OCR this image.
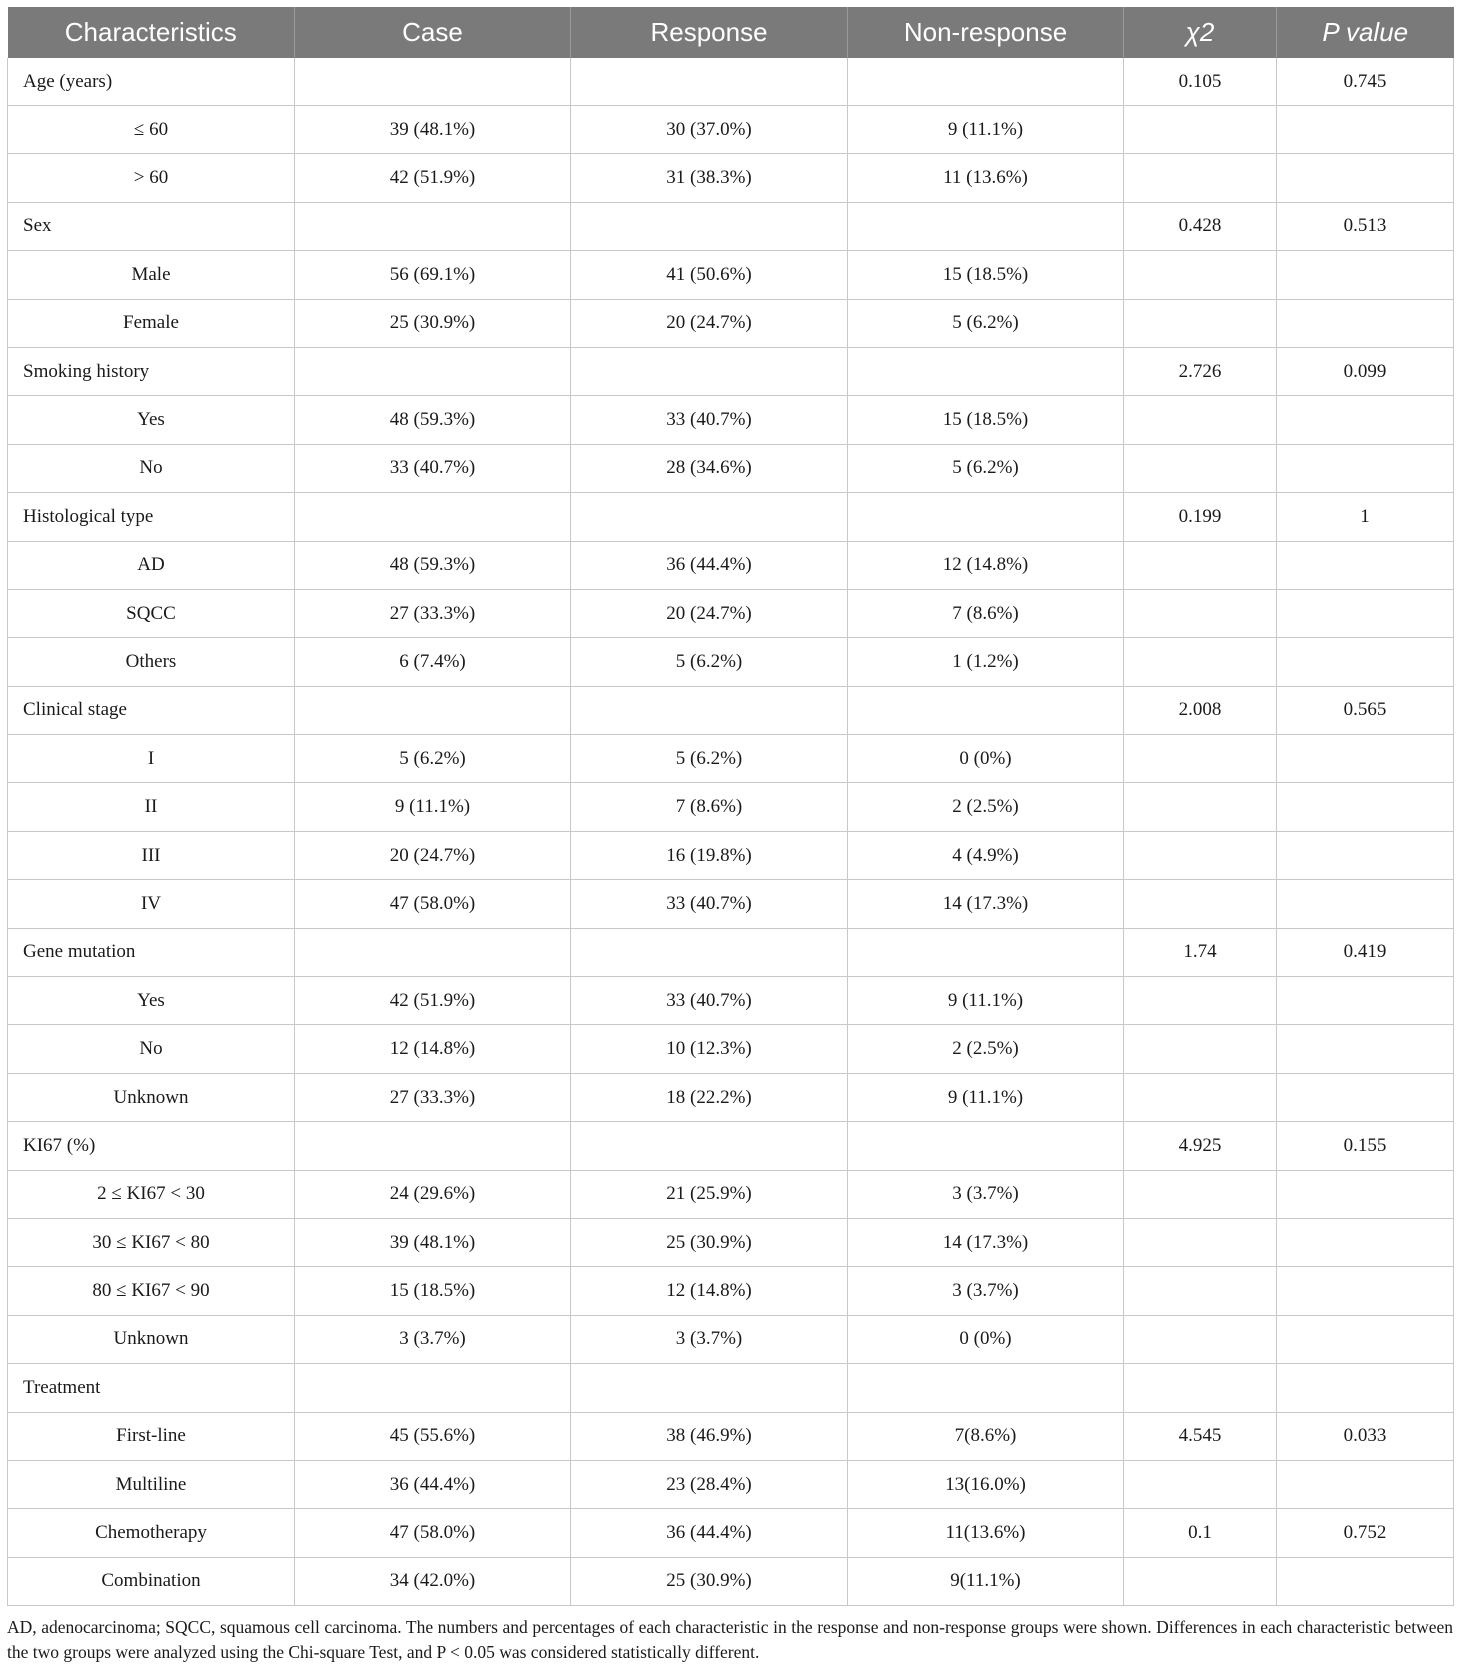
Characteristics	Case	Response	Non-response	χ2	P value
Age (years)				0.105	0.745
≤ 60	39 (48.1%)	30 (37.0%)	9 (11.1%)		
> 60	42 (51.9%)	31 (38.3%)	11 (13.6%)		
Sex				0.428	0.513
Male	56 (69.1%)	41 (50.6%)	15 (18.5%)		
Female	25 (30.9%)	20 (24.7%)	5 (6.2%)		
Smoking history				2.726	0.099
Yes	48 (59.3%)	33 (40.7%)	15 (18.5%)		
No	33 (40.7%)	28 (34.6%)	5 (6.2%)		
Histological type				0.199	1
AD	48 (59.3%)	36 (44.4%)	12 (14.8%)		
SQCC	27 (33.3%)	20 (24.7%)	7 (8.6%)		
Others	6 (7.4%)	5 (6.2%)	1 (1.2%)		
Clinical stage				2.008	0.565
I	5 (6.2%)	5 (6.2%)	0 (0%)		
II	9 (11.1%)	7 (8.6%)	2 (2.5%)		
III	20 (24.7%)	16 (19.8%)	4 (4.9%)		
IV	47 (58.0%)	33 (40.7%)	14 (17.3%)		
Gene mutation				1.74	0.419
Yes	42 (51.9%)	33 (40.7%)	9 (11.1%)		
No	12 (14.8%)	10 (12.3%)	2 (2.5%)		
Unknown	27 (33.3%)	18 (22.2%)	9 (11.1%)		
KI67 (%)				4.925	0.155
2 ≤ KI67 < 30	24 (29.6%)	21 (25.9%)	3 (3.7%)		
30 ≤ KI67 < 80	39 (48.1%)	25 (30.9%)	14 (17.3%)		
80 ≤ KI67 < 90	15 (18.5%)	12 (14.8%)	3 (3.7%)		
Unknown	3 (3.7%)	3 (3.7%)	0 (0%)		
Treatment					
First-line	45 (55.6%)	38 (46.9%)	7(8.6%)	4.545	0.033
Multiline	36 (44.4%)	23 (28.4%)	13(16.0%)		
Chemotherapy	47 (58.0%)	36 (44.4%)	11(13.6%)	0.1	0.752
Combination	34 (42.0%)	25 (30.9%)	9(11.1%)		
AD, adenocarcinoma; SQCC, squamous cell carcinoma. The numbers and percentages of each characteristic in the response and non-response groups were shown. Differences in each characteristic between the two groups were analyzed using the Chi-square Test, and P < 0.05 was considered statistically different.
